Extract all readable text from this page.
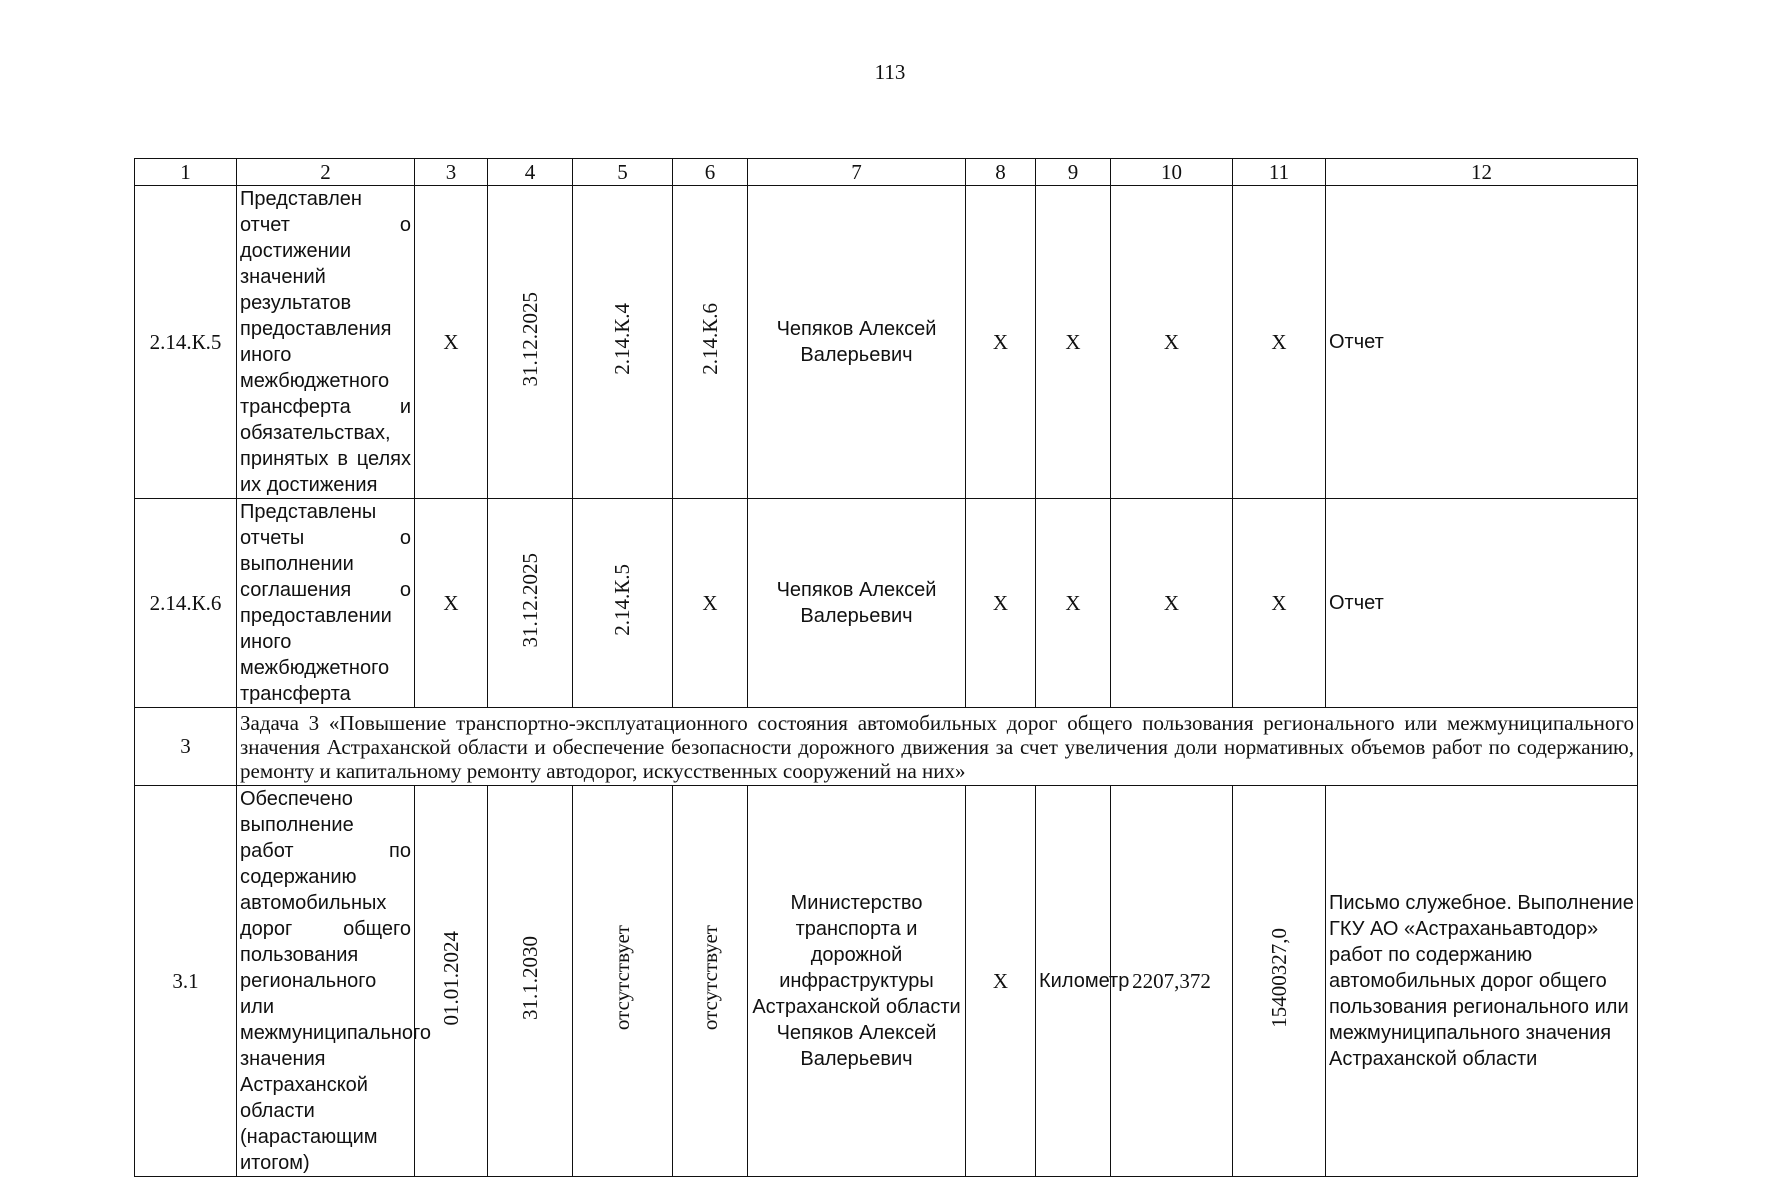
113
1	2	3	4	5	6	7	8	9	10	11	12
2.14.К.5	Представлен отчет о достижении значений результатов предоставления иного межбюджетного трансферта и обязательствах, принятых в целях их достижения	Х	31.12.2025	2.14.К.4	2.14.К.6	Чепяков Алексей Валерьевич	Х	Х	Х	Х	Отчет
2.14.К.6	Представлены отчеты о выполнении соглашения о предоставлении иного межбюджетного трансферта	Х	31.12.2025	2.14.К.5	Х	Чепяков Алексей Валерьевич	Х	Х	Х	Х	Отчет
3	Задача 3 «Повышение транспортно-эксплуатационного состояния автомобильных дорог общего пользования регионального или межмуниципального значения Астраханской области и обеспечение безопасности дорожного движения за счет увеличения доли нормативных объемов работ по содержанию, ремонту и капитальному ремонту автодорог, искусственных сооружений на них»										
3.1	Обеспечено выполнение работ по содержанию автомобильных дорог общего пользования регионального или межмуниципального значения Астраханской области (нарастающим итогом)	01.01.2024	31.1.2030	отсутствует	отсутствует	Министерство транспорта и дорожной инфраструктуры Астраханской области Чепяков Алексей Валерьевич	Х	Километр	2207,372	15400327,0	Письмо служебное. Выполнение ГКУ АО «Астраханьавтодор» работ по содержанию автомобильных дорог общего пользования регионального или межмуниципального значения Астраханской области
